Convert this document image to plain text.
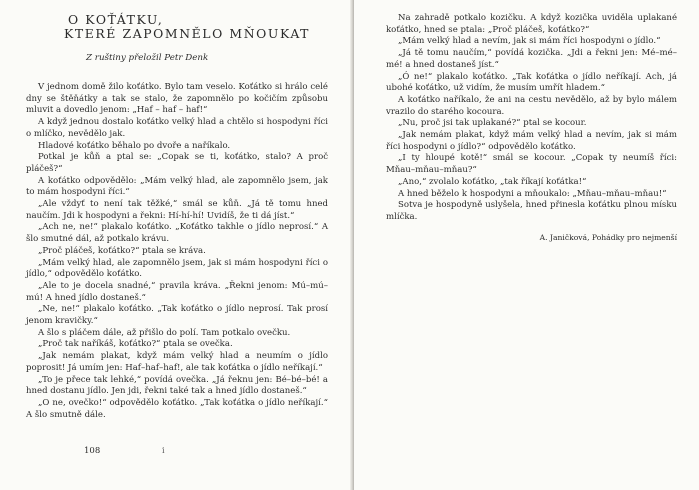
O KOŤÁTKU,
KTERÉ ZAPOMNĚLO MŇOUKAT
Z ruštiny přeložil Petr Denk

V jednom domě žilo koťátko. Bylo tam veselo. Koťátko si hrálo celé dny se štěňátky a tak se stalo, že zapomnělo po kočičím způsobu mluvit a dovedlo jenom: „Haf – haf – haf!“

A když jednou dostalo koťátko velký hlad a chtělo si hospodyni říci o mlíčko, nevědělo jak.

Hladové koťátko běhalo po dvoře a naříkalo.

Potkal je kůň a ptal se: „Copak se ti, koťátko, stalo? A proč pláčeš?“

A koťátko odpovědělo: „Mám velký hlad, ale zapomnělo jsem, jak to mám hospodyni říci.“

„Ale vždyť to není tak těžké,“ smál se kůň. „Já tě tomu hned naučím. Jdi k hospodyni a řekni: Hí-hí-hí! Uvidíš, že ti dá jíst.“

„Ach ne, ne!“ plakalo koťátko. „Koťátko takhle o jídlo neprosí.“ A šlo smutné dál, až potkalo krávu.

„Proč pláčeš, koťátko?“ ptala se kráva.

„Mám velký hlad, ale zapomnělo jsem, jak si mám hospodyni říci o jídlo,“ odpovědělo koťátko.

„Ale to je docela snadné,“ pravila kráva. „Řekni jenom: Mú–mú–mú! A hned jídlo dostaneš.“

„Ne, ne!“ plakalo koťátko. „Tak koťátko o jídlo neprosí. Tak prosí jenom kravičky.“

A šlo s pláčem dále, až přišlo do polí. Tam potkalo ovečku.

„Proč tak naříkáš, koťátko?“ ptala se ovečka.

„Jak nemám plakat, když mám velký hlad a neumím o jídlo poprosit! Já umím jen: Haf–haf–haf!, ale tak koťátka o jídlo neříkají.“

„To je přece tak lehké,“ povídá ovečka. „Já řeknu jen: Bé–bé–bé! a hned dostanu jídlo. Jen jdi, řekni také tak a hned jídlo dostaneš.“

„O ne, ovečko!“ odpovědělo koťátko. „Tak koťátka o jídlo neříkají.“ A šlo smutně dále.

108	i

Na zahradě potkalo kozičku. A když kozička uviděla uplakané koťátko, hned se ptala: „Proč pláčeš, koťátko?“

„Mám velký hlad a nevím, jak si mám říci hospodyni o jídlo.“

„Já tě tomu naučím,“ povídá kozička. „Jdi a řekni jen: Mé–mé–mé! a hned dostaneš jíst.“

„Ó ne!“ plakalo koťátko. „Tak koťátka o jídlo neříkají. Ach, já ubohé koťátko, už vidím, že musím umřít hladem.“

A koťátko naříkalo, že ani na cestu nevědělo, až by bylo málem vrazilo do starého kocoura.

„Nu, proč jsi tak uplakané?“ ptal se kocour.

„Jak nemám plakat, když mám velký hlad a nevím, jak si mám říci hospodyni o jídlo?“ odpovědělo koťátko.

„I ty hloupé kotě!“ smál se kocour. „Copak ty neumíš říci: Mňau–mňau–mňau?“

„Ano,“ zvolalo koťátko, „tak říkají koťátka!“

A hned běželo k hospodyni a mňoukalo: „Mňau–mňau–mňau!“

Sotva je hospodyně uslyšela, hned přinesla koťátku plnou mísku mlíčka.

A. Janičková, Pohádky pro nejmenší
